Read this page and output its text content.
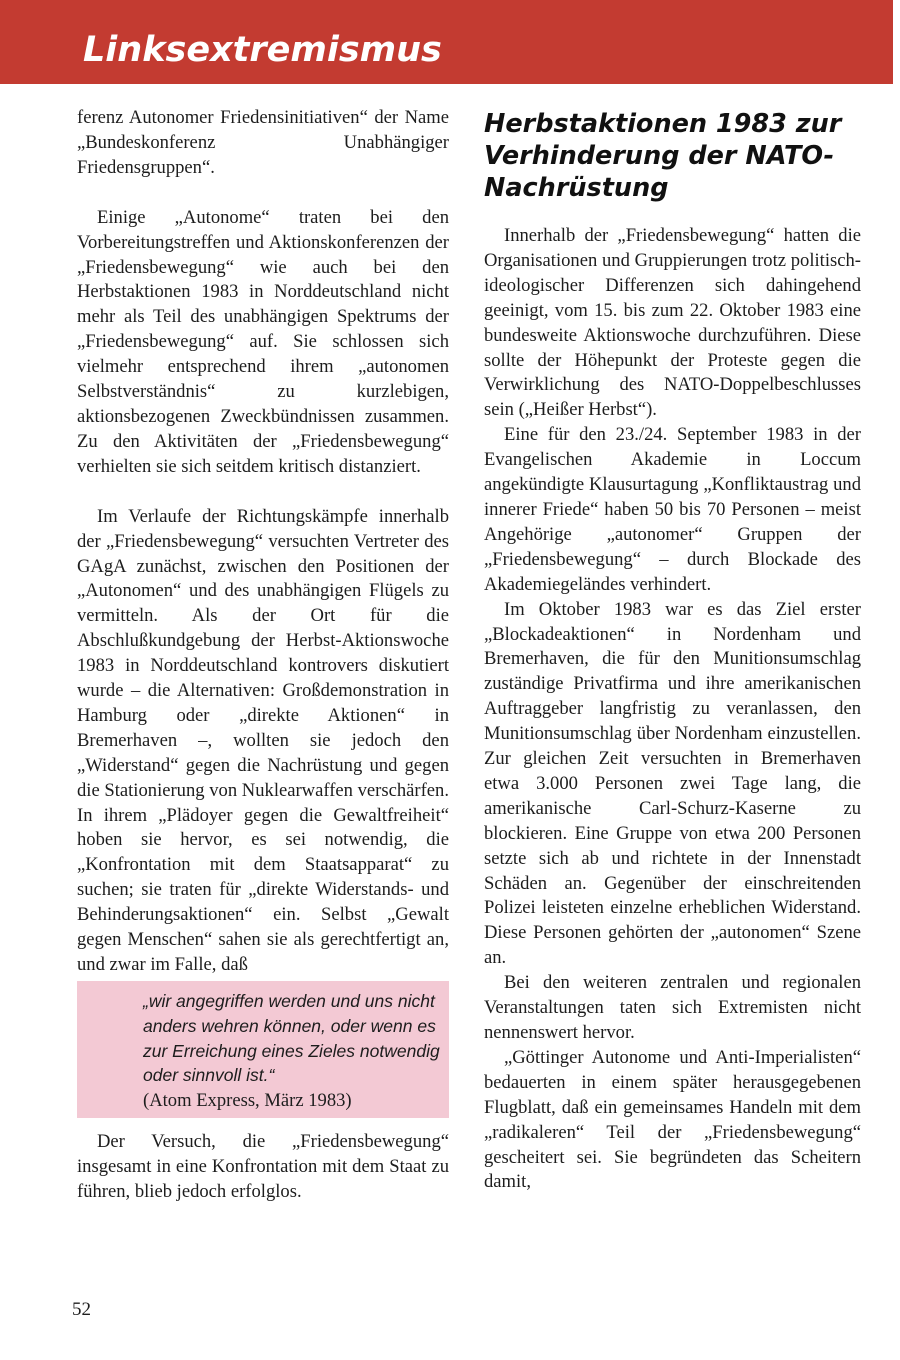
Linksextremismus

ferenz Autonomer Friedensinitiativen“ der Name „Bundeskonferenz Unabhängiger Friedensgruppen“.

Einige „Autonome“ traten bei den Vorbereitungstreffen und Aktionskonferenzen der „Friedensbewegung“ wie auch bei den Herbstaktionen 1983 in Norddeutschland nicht mehr als Teil des unabhängigen Spektrums der „Friedensbewegung“ auf. Sie schlossen sich vielmehr entsprechend ihrem „autonomen Selbstverständnis“ zu kurzlebigen, aktionsbezogenen Zweckbündnissen zusammen. Zu den Aktivitäten der „Friedensbewegung“ verhielten sie sich seitdem kritisch distanziert.

Im Verlaufe der Richtungskämpfe innerhalb der „Friedensbewegung“ versuchten Vertreter des GAgA zunächst, zwischen den Positionen der „Autonomen“ und des unabhängigen Flügels zu vermitteln. Als der Ort für die Abschlußkundgebung der Herbst-Aktionswoche 1983 in Norddeutschland kontrovers diskutiert wurde – die Alternativen: Großdemonstration in Hamburg oder „direkte Aktionen“ in Bremerhaven –, wollten sie jedoch den „Widerstand“ gegen die Nachrüstung und gegen die Stationierung von Nuklearwaffen verschärfen. In ihrem „Plädoyer gegen die Gewaltfreiheit“ hoben sie hervor, es sei notwendig, die „Konfrontation mit dem Staatsapparat“ zu suchen; sie traten für „direkte Widerstands- und Behinderungsaktionen“ ein. Selbst „Gewalt gegen Menschen“ sahen sie als gerechtfertigt an, und zwar im Falle, daß

„wir angegriffen werden und uns nicht anders wehren können, oder wenn es zur Erreichung eines Zieles notwendig oder sinnvoll ist.“

(Atom Express, März 1983)

Der Versuch, die „Friedensbewegung“ insgesamt in eine Konfrontation mit dem Staat zu führen, blieb jedoch erfolglos.

Herbstaktionen 1983 zur Verhinderung der NATO-Nachrüstung

Innerhalb der „Friedensbewegung“ hatten die Organisationen und Gruppierungen trotz politisch-ideologischer Differenzen sich dahingehend geeinigt, vom 15. bis zum 22. Oktober 1983 eine bundesweite Aktionswoche durchzuführen. Diese sollte der Höhepunkt der Proteste gegen die Verwirklichung des NATO-Doppelbeschlusses sein („Heißer Herbst“).

Eine für den 23./24. September 1983 in der Evangelischen Akademie in Loccum angekündigte Klausurtagung „Konfliktaustrag und innerer Friede“ haben 50 bis 70 Personen – meist Angehörige „autonomer“ Gruppen der „Friedensbewegung“ – durch Blockade des Akademiegeländes verhindert.

Im Oktober 1983 war es das Ziel erster „Blockadeaktionen“ in Nordenham und Bremerhaven, die für den Munitionsumschlag zuständige Privatfirma und ihre amerikanischen Auftraggeber langfristig zu veranlassen, den Munitionsumschlag über Nordenham einzustellen. Zur gleichen Zeit versuchten in Bremerhaven etwa 3.000 Personen zwei Tage lang, die amerikanische Carl-Schurz-Kaserne zu blockieren. Eine Gruppe von etwa 200 Personen setzte sich ab und richtete in der Innenstadt Schäden an. Gegenüber der einschreitenden Polizei leisteten einzelne erheblichen Widerstand. Diese Personen gehörten der „autonomen“ Szene an.

Bei den weiteren zentralen und regionalen Veranstaltungen taten sich Extremisten nicht nennenswert hervor.

„Göttinger Autonome und Anti-Imperialisten“ bedauerten in einem später herausgegebenen Flugblatt, daß ein gemeinsames Handeln mit dem „radikaleren“ Teil der „Friedensbewegung“ gescheitert sei. Sie begründeten das Scheitern damit,

52
